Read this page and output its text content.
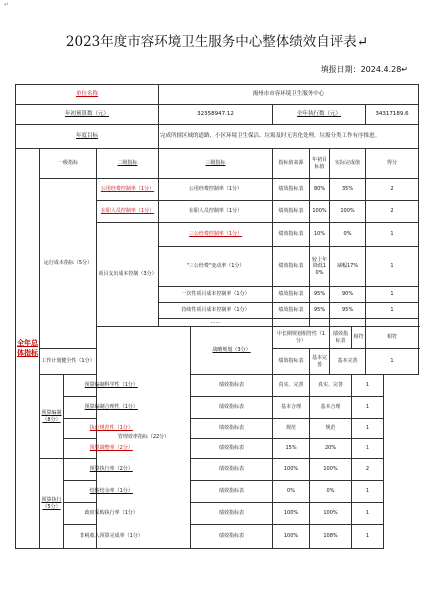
↵
2023年度市容环境卫生服务中心整体绩效自评表↵
填报日期：2024.4.28↵
单位名称				揭州市市容环境卫生服务中心							
年初预算数（元）				32358947.12		全年执行数（元）				34317189.6	
年度目标				完成所辖区域的道路、小区环境卫生保洁、垃圾及时无害化处理，垃圾分类工作有序推进。							
全年总体指标	一级指标		二级指标	三级指标		指标值来源	年初目标值	实际完成值		得分	
	运行成本指标（5分）		公用经费控制率（1分）	公用经费控制率（1分）		绩效指标表	80%	35%		2	
			在职人员控制率（1分）	在职人员控制率（1分）		绩效指标表	100%	100%		2	
			项目支出成本控制（3分）	三公经费控制率（1分）		绩效指标表	10%	0%		1	
				"三公经费"变动率（1分）		绩效指标表	较上年降低10%	减幅17%		1	
				一次性项目成本控制率（1分）		绩效指标表	95%	90%		1	
				持续性项目成本控制率（1分）		绩效指标表	95%	95%		1	
				……							
			管理效率指标（22分）		战略规划（3分）	中长期规划相符性（1分）		绩效指标表	相符	相符	
	工作计划健全性（1分）					绩效指标表	基本完善	基本完善		1	
	预算编制（8分）	预算编制科学性（1分）			绩效指标表	真实、完善	真实、完善		1		
		预算编制合理性（1分）			绩效指标表	基本合理	基本合理		1		
		执行规范性（1分）			绩效指标表	规范	规范		1		
		预算调整率（2分）			绩效指标表	15%	20%		1		
	预算执行（5分）	预算执行率（2分）			绩效指标表	100%	100%		2		
		结转结余率（1分）			绩效指标表	0%	0%		1		
		政府采购执行率（1分）			绩效指标表	100%	100%		1		
		非税收入预算完成率（1分）			绩效指标表	100%	108%		1		
